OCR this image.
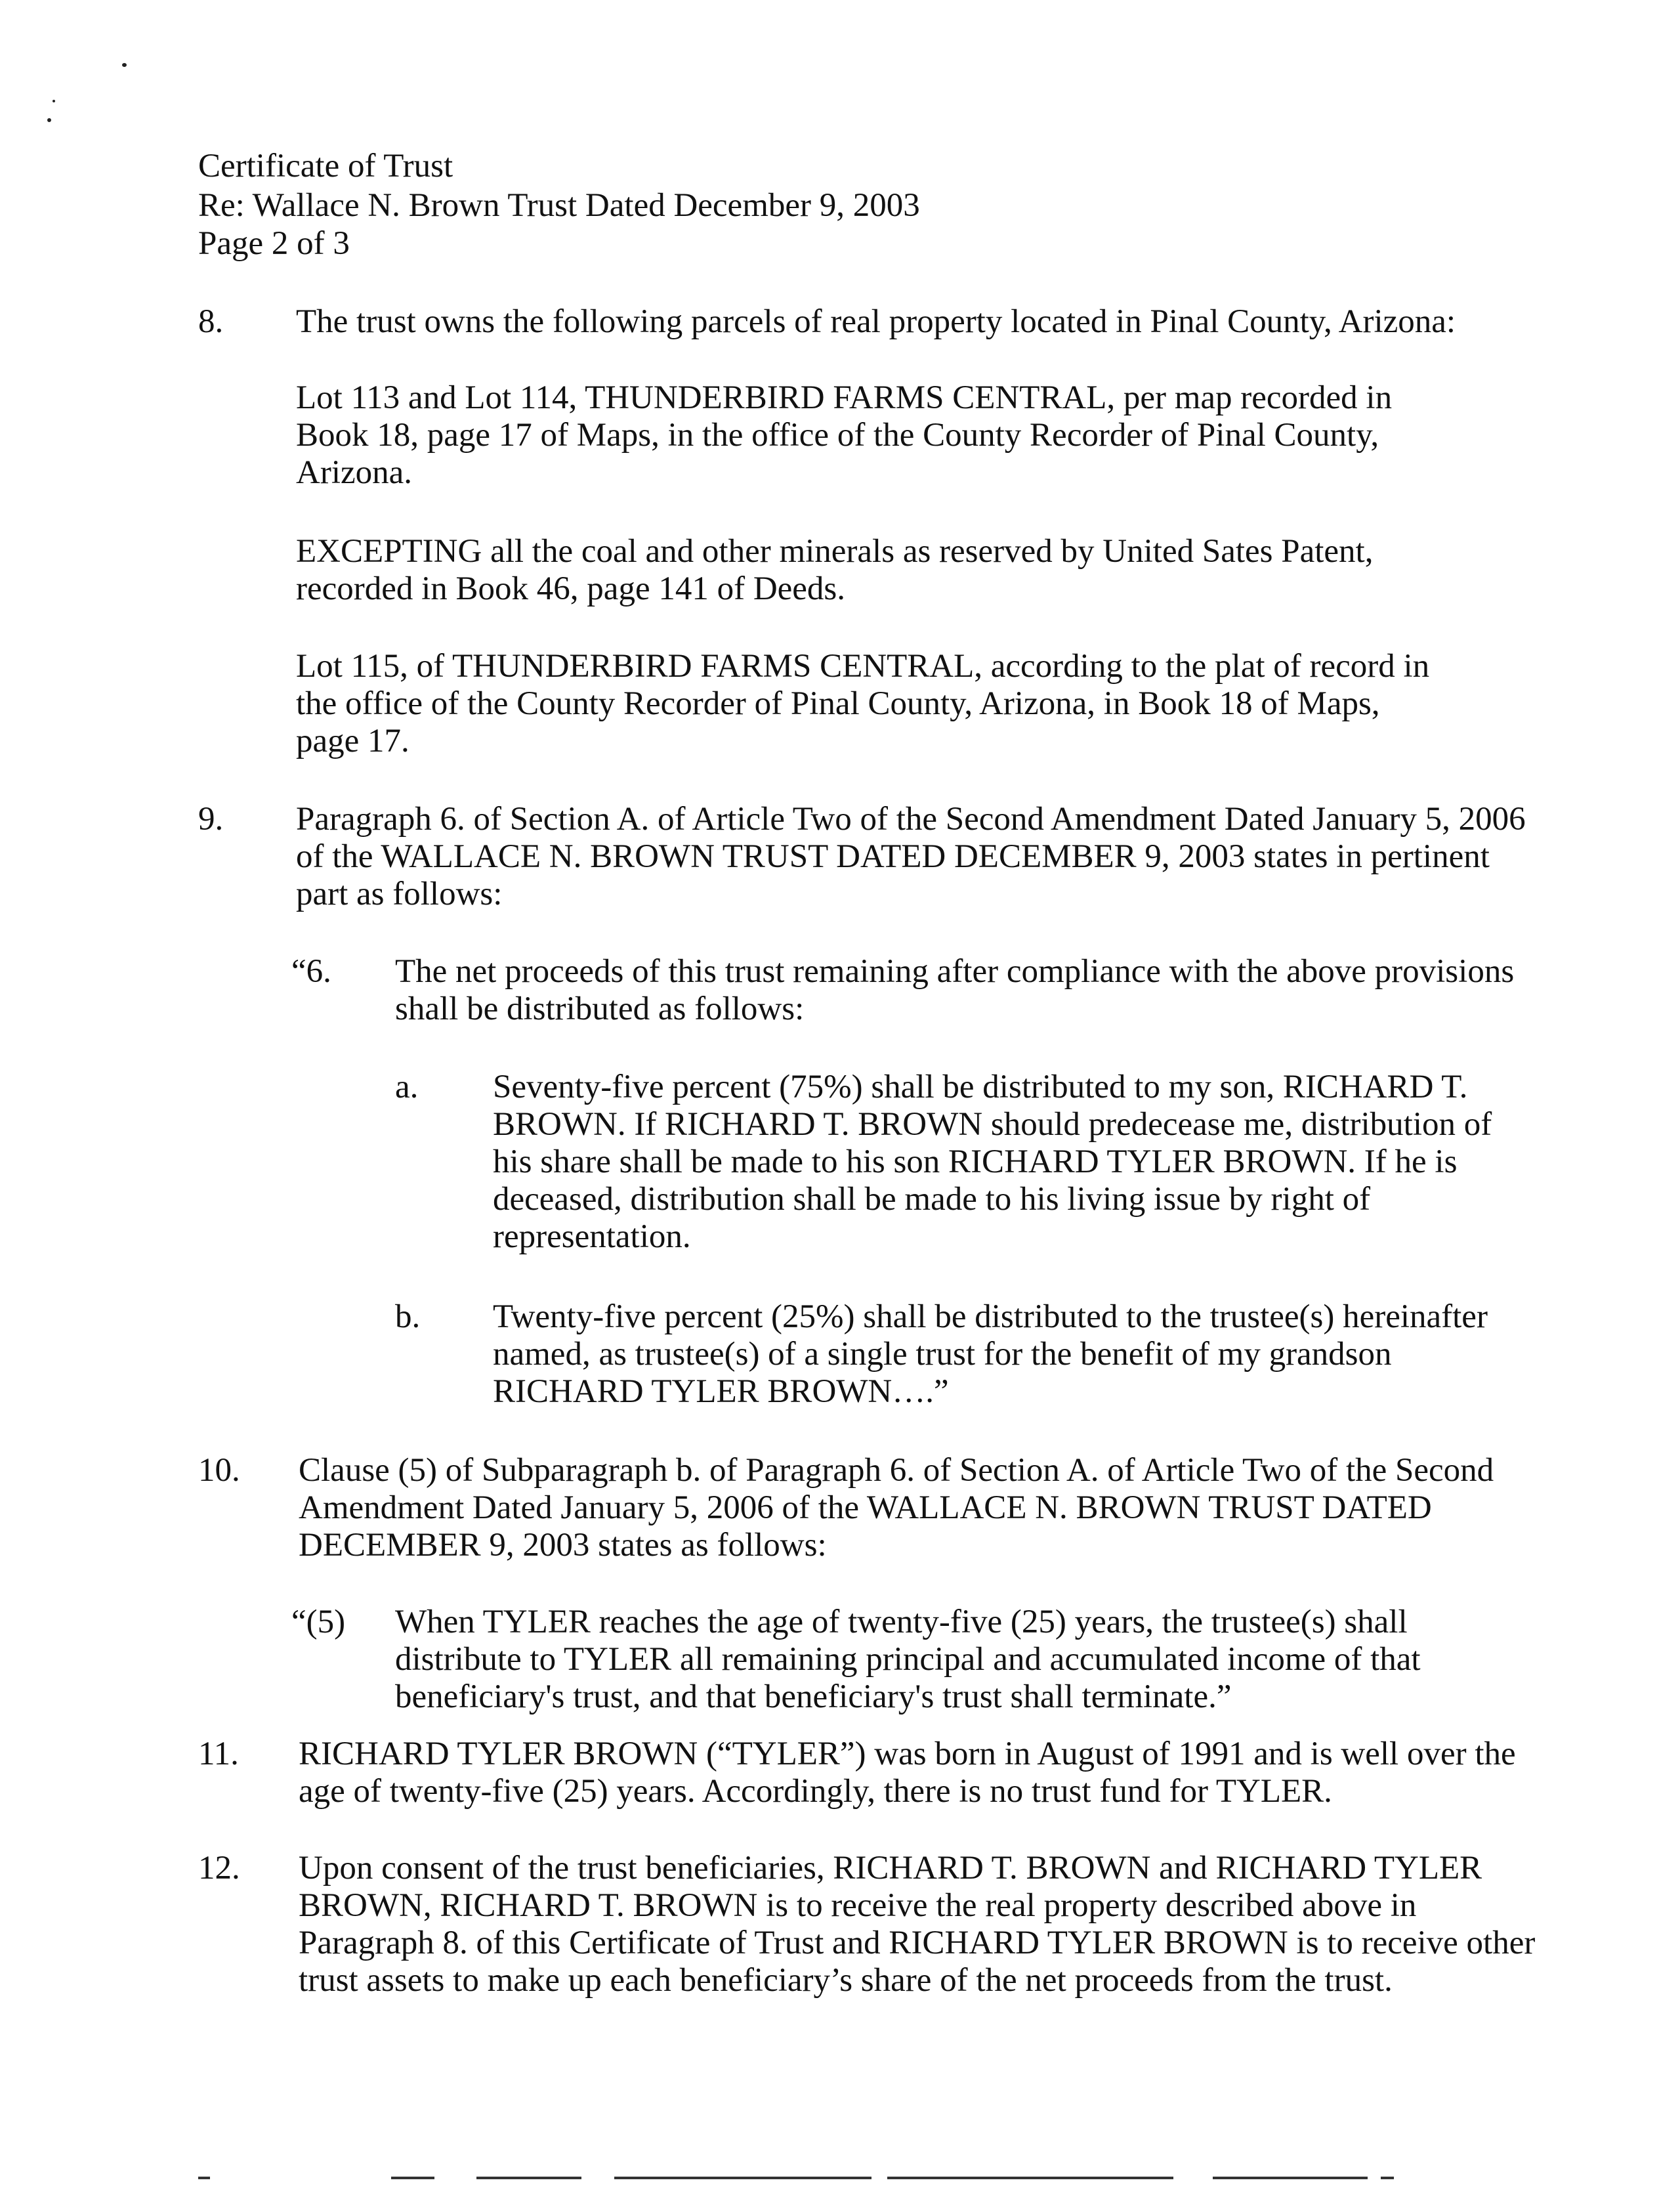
Certificate of Trust

Re: Wallace N. Brown Trust Dated December 9, 2003

Page 2 of 3

8. The trust owns the following parcels of real property located in Pinal County, Arizona:

Lot 113 and Lot 114, THUNDERBIRD FARMS CENTRAL, per map recorded in
Book 18, page 17 of Maps, in the office of the County Recorder of Pinal County,
Arizona.

EXCEPTING all the coal and other minerals as reserved by United Sates Patent,
recorded in Book 46, page 141 of Deeds.

Lot 115, of THUNDERBIRD FARMS CENTRAL, according to the plat of record in
the office of the County Recorder of Pinal County, Arizona, in Book 18 of Maps,
page 17.

9. Paragraph 6. of Section A. of Article Two of the Second Amendment Dated January 5, 2006
of the WALLACE N. BROWN TRUST DATED DECEMBER 9, 2003 states in pertinent
part as follows:

“6. The net proceeds of this trust remaining after compliance with the above provisions
shall be distributed as follows:

a. Seventy-five percent (75%) shall be distributed to my son, RICHARD T.
BROWN. If RICHARD T. BROWN should predecease me, distribution of
his share shall be made to his son RICHARD TYLER BROWN. If he is
deceased, distribution shall be made to his living issue by right of
representation.

b. Twenty-five percent (25%) shall be distributed to the trustee(s) hereinafter
named, as trustee(s) of a single trust for the benefit of my grandson
RICHARD TYLER BROWN….”

10. Clause (5) of Subparagraph b. of Paragraph 6. of Section A. of Article Two of the Second
Amendment Dated January 5, 2006 of the WALLACE N. BROWN TRUST DATED
DECEMBER 9, 2003 states as follows:

“(5) When TYLER reaches the age of twenty-five (25) years, the trustee(s) shall
distribute to TYLER all remaining principal and accumulated income of that
beneficiary's trust, and that beneficiary's trust shall terminate.”

11. RICHARD TYLER BROWN (“TYLER”) was born in August of 1991 and is well over the
age of twenty-five (25) years. Accordingly, there is no trust fund for TYLER.

12. Upon consent of the trust beneficiaries, RICHARD T. BROWN and RICHARD TYLER
BROWN, RICHARD T. BROWN is to receive the real property described above in
Paragraph 8. of this Certificate of Trust and RICHARD TYLER BROWN is to receive other
trust assets to make up each beneficiary’s share of the net proceeds from the trust.
